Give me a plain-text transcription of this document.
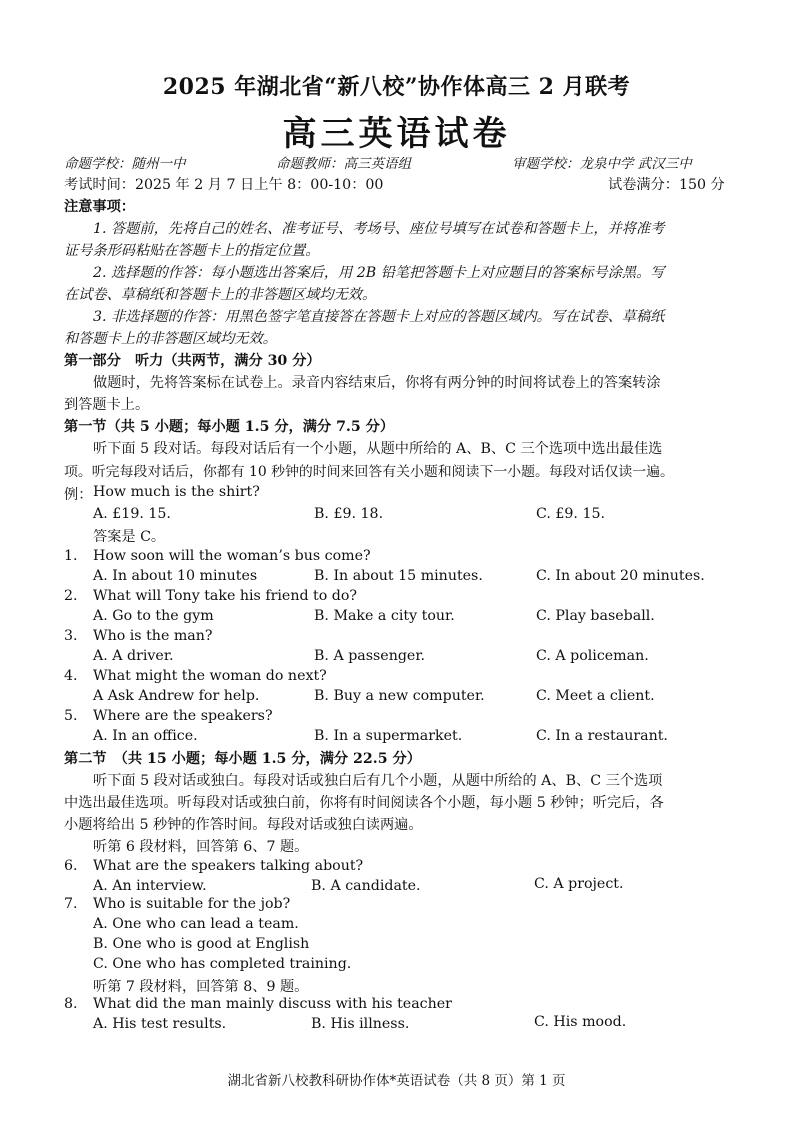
2025 年湖北省“新八校”协作体高三 2 月联考
高三英语试卷
命题学校：随州一中	命题教师：高三英语组	审题学校：龙泉中学 武汉三中
考试时间：2025 年 2 月 7 日上午 8：00-10：00	试卷满分：150 分
注意事项：
1. 答题前，先将自己的姓名、准考证号、考场号、座位号填写在试卷和答题卡上，并将准考
证号条形码粘贴在答题卡上的指定位置。
2. 选择题的作答：每小题选出答案后，用 2B 铅笔把答题卡上对应题目的答案标号涂黑。写
在试卷、草稿纸和答题卡上的非答题区域均无效。
3. 非选择题的作答：用黑色签字笔直接答在答题卡上对应的答题区域内。写在试卷、草稿纸
和答题卡上的非答题区域均无效。
第一部分　听力（共两节，满分 30 分）
做题时，先将答案标在试卷上。录音内容结束后，你将有两分钟的时间将试卷上的答案转涂
到答题卡上。
第一节（共 5 小题；每小题 1.5 分，满分 7.5 分）
听下面 5 段对话。每段对话后有一个小题，从题中所给的 A、B、C 三个选项中选出最佳选
项。听完每段对话后，你都有 10 秒钟的时间来回答有关小题和阅读下一小题。每段对话仅读一遍。
例： How much is the shirt?
A. £19. 15.	B. £9. 18.	C. £9. 15.
答案是 C。
1. How soon will the woman’s bus come?
A. In about 10 minutes	B. In about 15 minutes.	C. In about 20 minutes.
2. What will Tony take his friend to do?
A. Go to the gym	B. Make a city tour.	C. Play baseball.
3. Who is the man?
A. A driver.	B. A passenger.	C. A policeman.
4. What might the woman do next?
A Ask Andrew for help.	B. Buy a new computer.	C. Meet a client.
5. Where are the speakers?
A. In an office.	B. In a supermarket.	C. In a restaurant.
第二节　（共 15 小题；每小题 1.5 分，满分 22.5 分）
听下面 5 段对话或独白。每段对话或独白后有几个小题，从题中所给的 A、B、C 三个选项
中选出最佳选项。听每段对话或独白前，你将有时间阅读各个小题，每小题 5 秒钟；听完后，各
小题将给出 5 秒钟的作答时间。每段对话或独白读两遍。
听第 6 段材料，回答第 6、7 题。
6. What are the speakers talking about?
A. An interview.	B. A candidate.	C. A project.
7. Who is suitable for the job?
A. One who can lead a team.
B. One who is good at English
C. One who has completed training.
听第 7 段材料，回答第 8、9 题。
8. What did the man mainly discuss with his teacher
A. His test results.	B. His illness.	C. His mood.
湖北省新八校教科研协作体*英语试卷（共 8 页）第 1 页
